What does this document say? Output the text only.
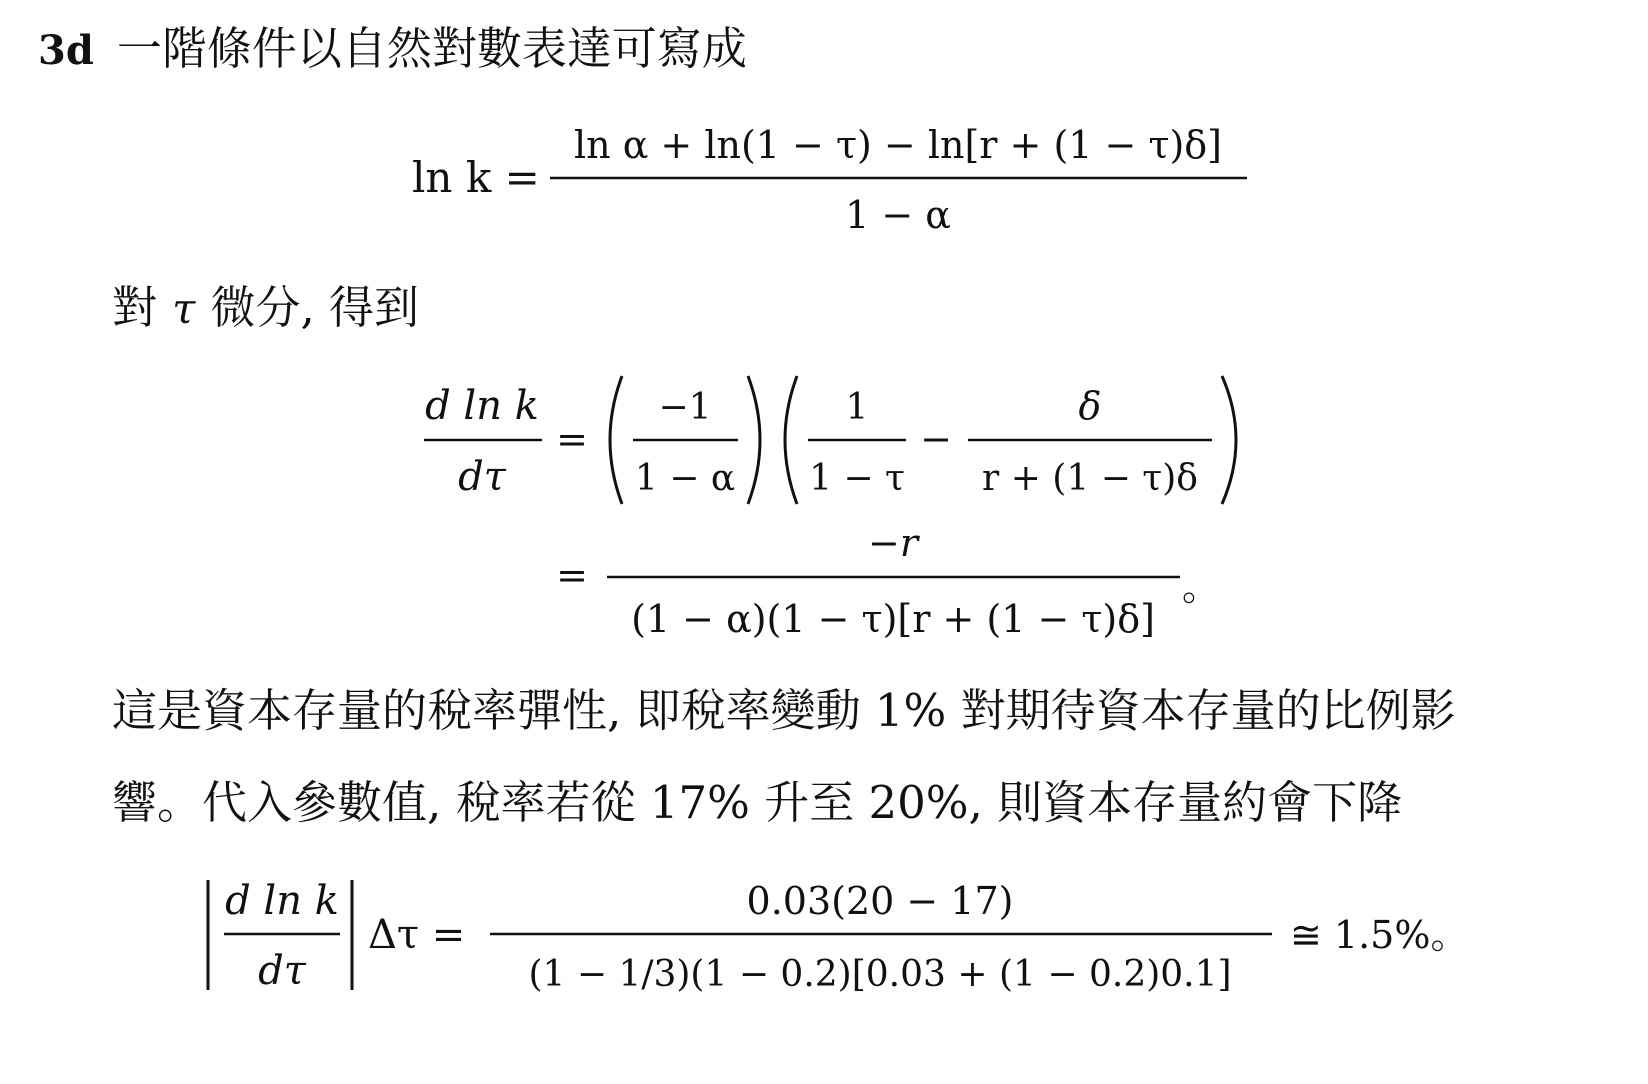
3d 一階條件以自然對數表達可寫成
ln k =
ln α + ln(1 − τ) − ln[r + (1 − τ)δ]
1 − α
d ln k
dτ
=
−1
1 − α
1
1 − τ
−
δ
r + (1 − τ)δ
=
−r
(1 − α)(1 − τ)[r + (1 − τ)δ]
。
d ln k
dτ
Δτ =
0.03(20 − 17)
(1 − 1/3)(1 − 0.2)[0.03 + (1 − 0.2)0.1]
≅ 1.5%。
對 τ 微分, 得到
這是資本存量的稅率彈性, 即稅率變動 1% 對期待資本存量的比例影
響。代入參數值, 稅率若從 17% 升至 20%, 則資本存量約會下降
